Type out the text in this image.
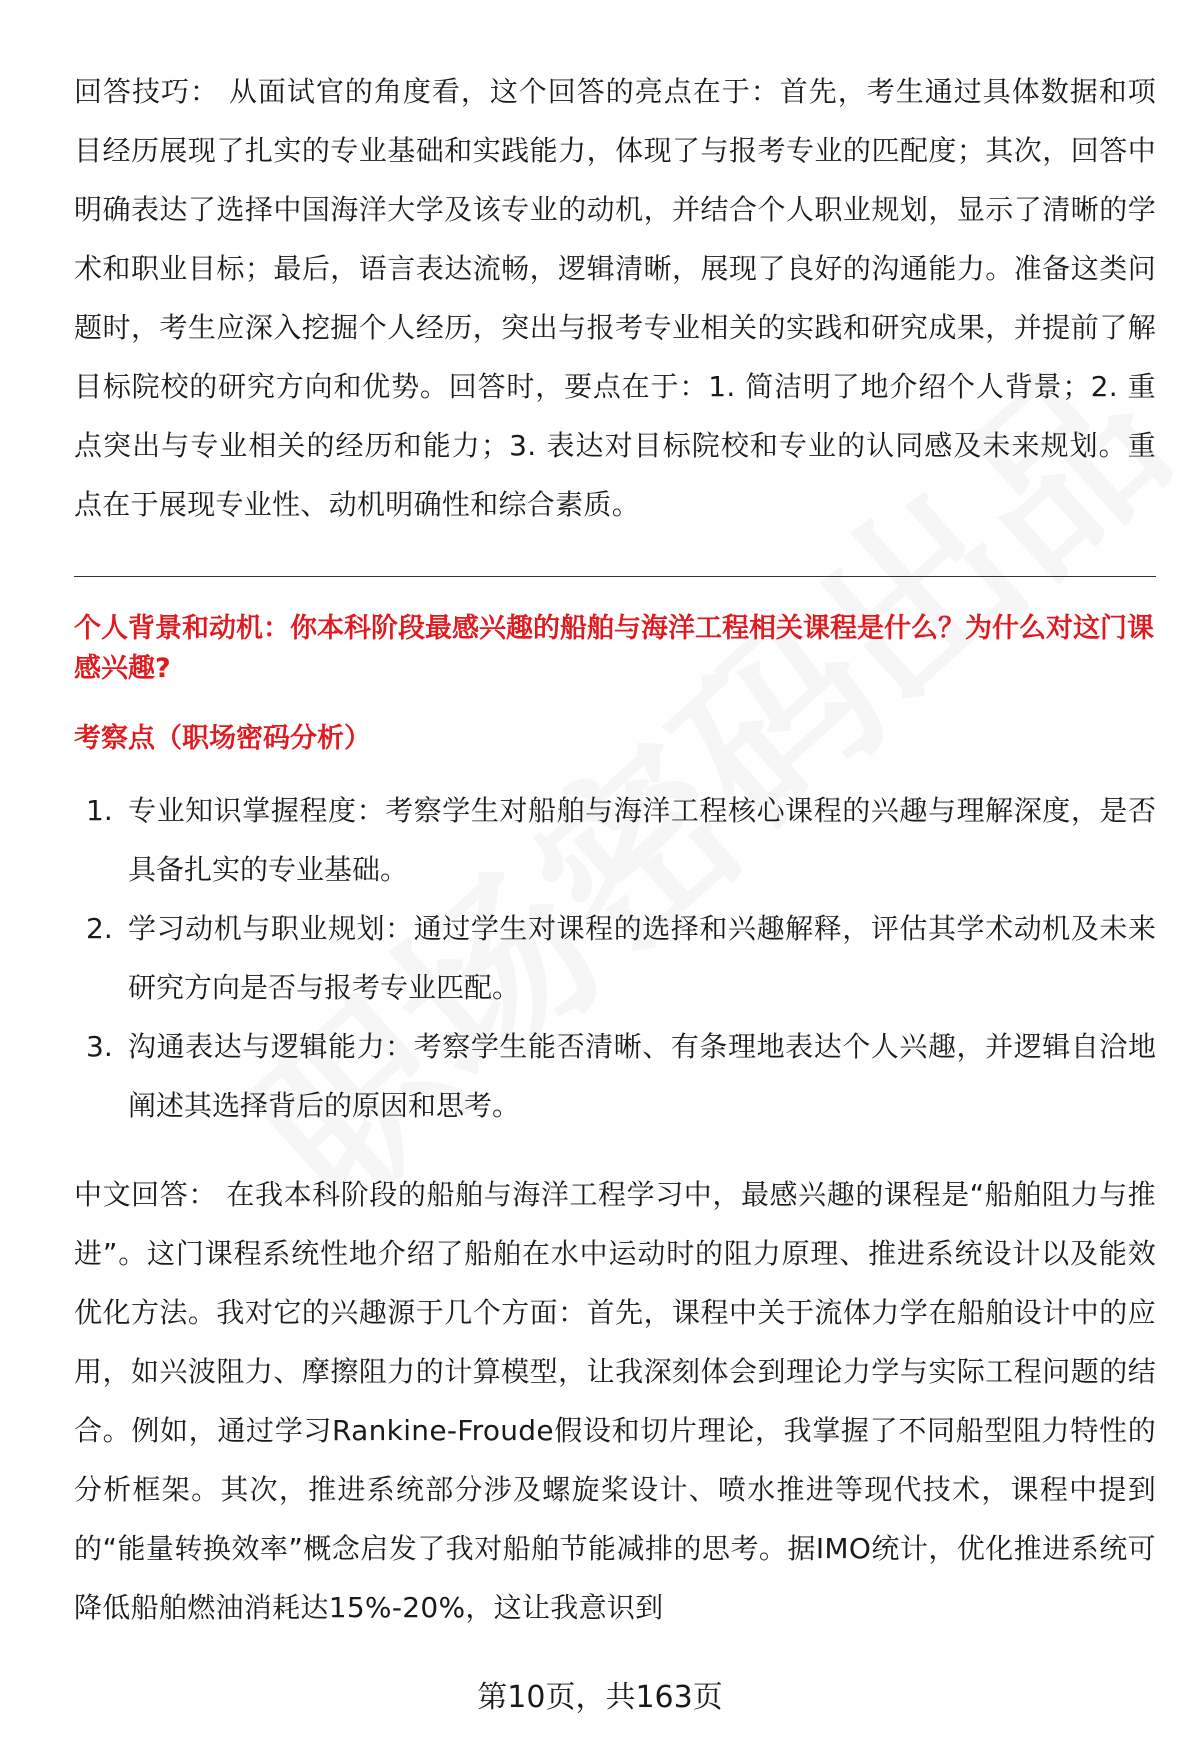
回答技巧： 从面试官的角度看，这个回答的亮点在于：首先，考生通过具体数据和项目经历展现了扎实的专业基础和实践能力，体现了与报考专业的匹配度；其次，回答中明确表达了选择中国海洋大学及该专业的动机，并结合个人职业规划，显示了清晰的学术和职业目标；最后，语言表达流畅，逻辑清晰，展现了良好的沟通能力。准备这类问题时，考生应深入挖掘个人经历，突出与报考专业相关的实践和研究成果，并提前了解目标院校的研究方向和优势。回答时，要点在于：1. 简洁明了地介绍个人背景；2. 重点突出与专业相关的经历和能力；3. 表达对目标院校和专业的认同感及未来规划。重点在于展现专业性、动机明确性和综合素质。

个人背景和动机：你本科阶段最感兴趣的船舶与海洋工程相关课程是什么？为什么对这门课感兴趣?
考察点（职场密码分析）
1. 专业知识掌握程度：考察学生对船舶与海洋工程核心课程的兴趣与理解深度，是否具备扎实的专业基础。
2. 学习动机与职业规划：通过学生对课程的选择和兴趣解释，评估其学术动机及未来研究方向是否与报考专业匹配。
3. 沟通表达与逻辑能力：考察学生能否清晰、有条理地表达个人兴趣，并逻辑自洽地阐述其选择背后的原因和思考。

中文回答： 在我本科阶段的船舶与海洋工程学习中，最感兴趣的课程是“船舶阻力与推进”。这门课程系统性地介绍了船舶在水中运动时的阻力原理、推进系统设计以及能效优化方法。我对它的兴趣源于几个方面：首先，课程中关于流体力学在船舶设计中的应用，如兴波阻力、摩擦阻力的计算模型，让我深刻体会到理论力学与实际工程问题的结合。例如，通过学习Rankine-Froude假设和切片理论，我掌握了不同船型阻力特性的分析框架。其次，推进系统部分涉及螺旋桨设计、喷水推进等现代技术，课程中提到的“能量转换效率”概念启发了我对船舶节能减排的思考。据IMO统计，优化推进系统可降低船舶燃油消耗达15%-20%，这让我意识到

第10页，共163页
